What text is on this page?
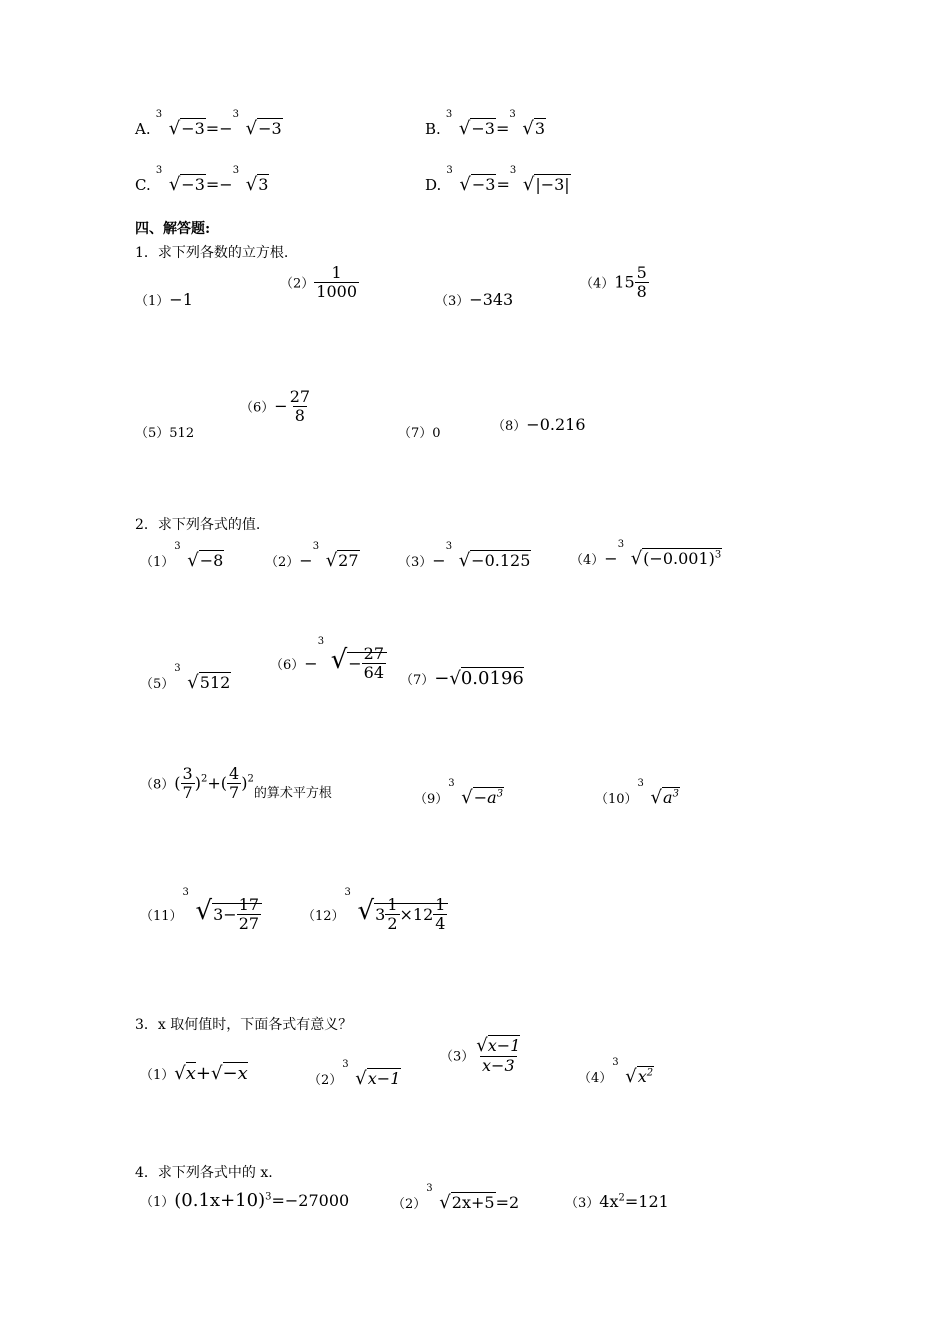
A.
3
√−3=−
3
√−3	B.
3
√−3=
3
√3
C.
3
√−3=−
3
√3	D.
3
√−3=
3
√|−3|
四、解答题:
1．求下列各数的立方根.
（1）−1
$(2) \frac{1}{1000}$
（3）−343
$(4)15 \frac{5}{8}$
（5）512
$(6)- \frac{27}{8}$
（7）0	（8）−0.216
2．求下列各式的值.
（1）
3
√−8	（2）−
3
√27	（3）−
3
√−0.125	（4）−
3
$√(-0.001)^3$
（5）
3
√512
（6）−
3
√− $\frac{27}{64} (7)-√0.0196$
$(8)( \frac{3}{7} )^2+( \frac{4}{7} )^2$的算术平方根	（9）
3
$√-a^3$	（10）
3
$√a^3$
（11）
3
$√3- \frac{17}{27}$	（12）
3
$√3 \frac{1}{2} \times 12 \frac{1}{4}$
3．x 取何值时，下面各式有意义？
（1）√x+√−x	（2）
3
√x−1
$(3) \frac{√x-1}{x-3}$
（4）
3
$√x^2$
4．求下列各式中的 x.
$(1)(0.1x+10)^3=-27000$	（2）
3
√2x+5=2	$(3)4x^2=121$
